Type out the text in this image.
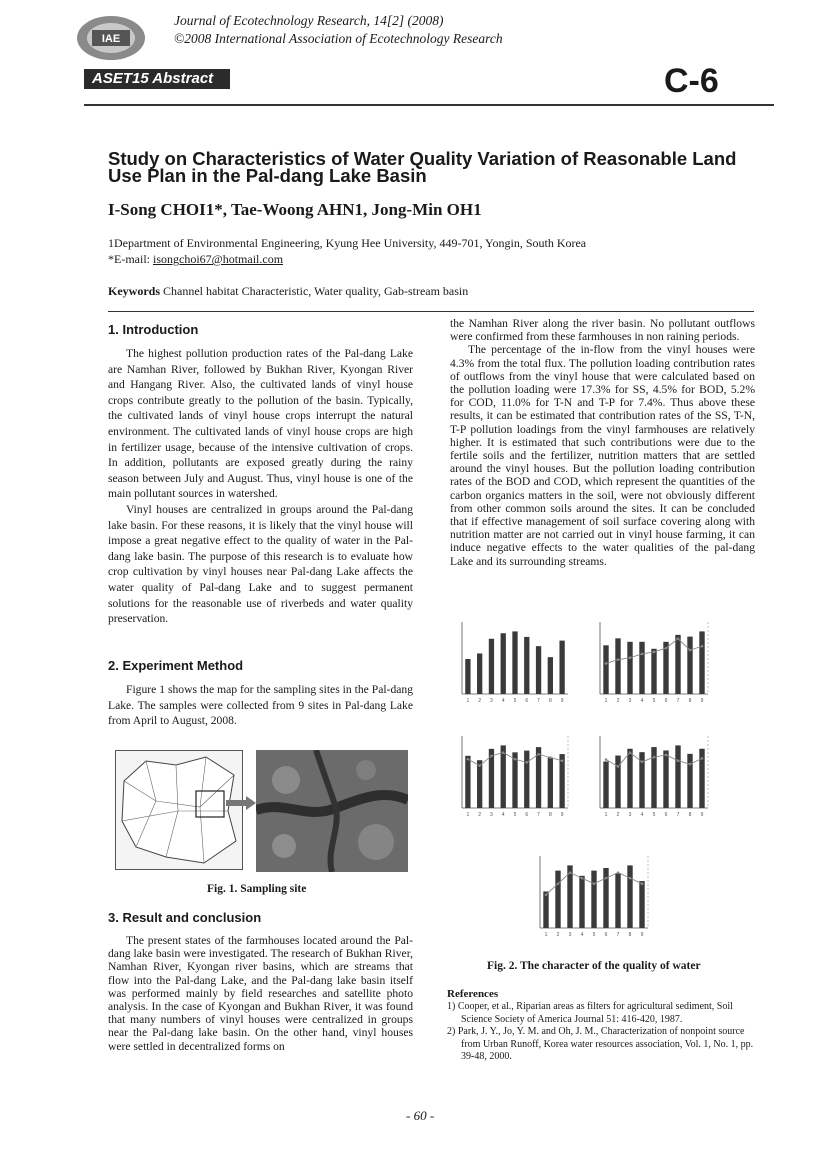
IAE
Journal of Ecotechnology Research, 14[2] (2008)
©2008 International Association of Ecotechnology Research
ASET15 Abstract	C-6
Study on Characteristics of Water Quality Variation of Reasonable Land
Use Plan in the Pal-dang Lake Basin
I-Song CHOI1*, Tae-Woong AHN1, Jong-Min OH1
1Department of Environmental Engineering, Kyung Hee University, 449-701, Yongin, South Korea
*E-mail: isongchoi67@hotmail.com
Keywords Channel habitat Characteristic, Water quality, Gab-stream basin
1. Introduction

The highest pollution production rates of the Pal-dang Lake are Namhan River, followed by Bukhan River, Kyongan River and Hangang River. Also, the cultivated lands of vinyl house crops contribute greatly to the pollution of the basin. Typically, the cultivated lands of vinyl house crops interrupt the natural environment. The cultivated lands of vinyl house crops are high in fertilizer usage, because of the intensive cultivation of crops. In addition, pollutants are exposed greatly during the rainy season between July and August. Thus, vinyl house is one of the main pollutant sources in watershed.

Vinyl houses are centralized in groups around the Pal-dang lake basin. For these reasons, it is likely that the vinyl house will impose a great negative effect to the quality of water in the Pal-dang lake basin. The purpose of this research is to evaluate how crop cultivation by vinyl houses near Pal-dang Lake affects the water quality of Pal-dang Lake and to suggest permanent solutions for the reasonable use of riverbeds and water quality preservation.

2. Experiment Method

Figure 1 shows the map for the sampling sites in the Pal-dang Lake. The samples were collected from 9 sites in Pal-dang Lake from April to August, 2008.

Fig. 1. Sampling site
3. Result and conclusion

The present states of the farmhouses located around the Pal-dang lake basin were investigated. The research of Bukhan River, Namhan River, Kyongan river basins, which are streams that flow into the Pal-dang Lake, and the Pal-dang lake basin itself was performed mainly by field researches and satellite photo analysis. In the case of Kyongan and Bukhan River, it was found that many numbers of vinyl houses were centralized in groups near the Pal-dang lake basin. On the other hand, vinyl houses were settled in decentralized forms on

the Namhan River along the river basin. No pollutant outflows were confirmed from these farmhouses in non raining periods.

The percentage of the in-flow from the vinyl houses were 4.3% from the total flux. The pollution loading contribution rates of outflows from the vinyl house that were calculated based on the pollution loading were 17.3% for SS, 4.5% for BOD, 5.2% for COD, 11.0% for T-N and T-P for 7.4%. Thus above these results, it can be estimated that contribution rates of the SS, T-N, T-P pollution loadings from the vinyl farmhouses are relatively higher. It is estimated that such contributions were due to the fertile soils and the fertilizer, nutrition matters that are settled around the vinyl houses. But the pollution loading contribution rates of the BOD and COD, which represent the quantities of the carbon organics matters in the soil, were not obviously different from other common soils around the sites. It can be concluded that if effective management of soil surface covering along with nutrition matter are not carried out in vinyl house farming, it can induce negative effects to the water qualities of the pal-dang Lake and its surrounding streams.

1 2 3 4 5 6 7 8 9	1 2 3 4 5 6 7 8 9
1 2 3 4 5 6 7 8 9	1 2 3 4 5 6 7 8 9
1 2 3 4 5 6 7 8 9
Fig. 2. The character of the quality of water
References
1) Cooper, et al., Riparian areas as filters for agricultural sediment, Soil Science Society of America Journal 51: 416-420, 1987.
2) Park, J. Y., Jo, Y. M. and Oh, J. M., Characterization of nonpoint source from Urban Runoff, Korea water resources association, Vol. 1, No. 1, pp. 39-48, 2000.
- 60 -
